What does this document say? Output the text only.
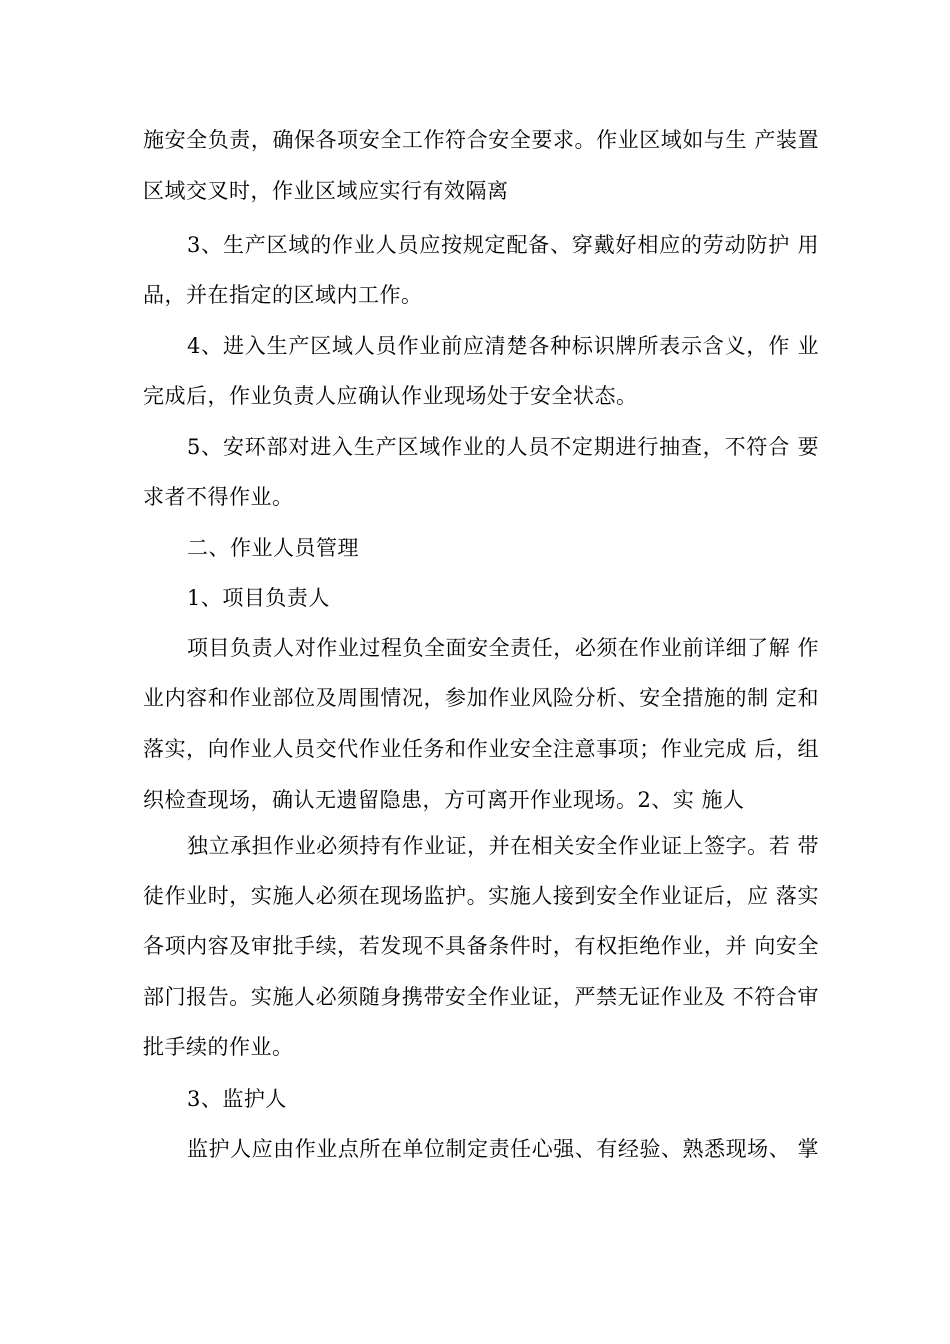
施安全负责，确保各项安全工作符合安全要求。作业区域如与生 产装置
区域交叉时，作业区域应实行有效隔离
3、生产区域的作业人员应按规定配备、穿戴好相应的劳动防护 用
品，并在指定的区域内工作。
4、进入生产区域人员作业前应清楚各种标识牌所表示含义，作 业
完成后，作业负责人应确认作业现场处于安全状态。
5、安环部对进入生产区域作业的人员不定期进行抽查，不符合 要
求者不得作业。
二、作业人员管理
1、项目负责人
项目负责人对作业过程负全面安全责任，必须在作业前详细了解 作
业内容和作业部位及周围情况，参加作业风险分析、安全措施的制 定和
落实，向作业人员交代作业任务和作业安全注意事项；作业完成 后，组
织检查现场，确认无遗留隐患，方可离开作业现场。2、实 施人
独立承担作业必须持有作业证，并在相关安全作业证上签字。若 带
徒作业时，实施人必须在现场监护。实施人接到安全作业证后，应 落实
各项内容及审批手续，若发现不具备条件时，有权拒绝作业，并 向安全
部门报告。实施人必须随身携带安全作业证，严禁无证作业及 不符合审
批手续的作业。
3、监护人
监护人应由作业点所在单位制定责任心强、有经验、熟悉现场、 掌
